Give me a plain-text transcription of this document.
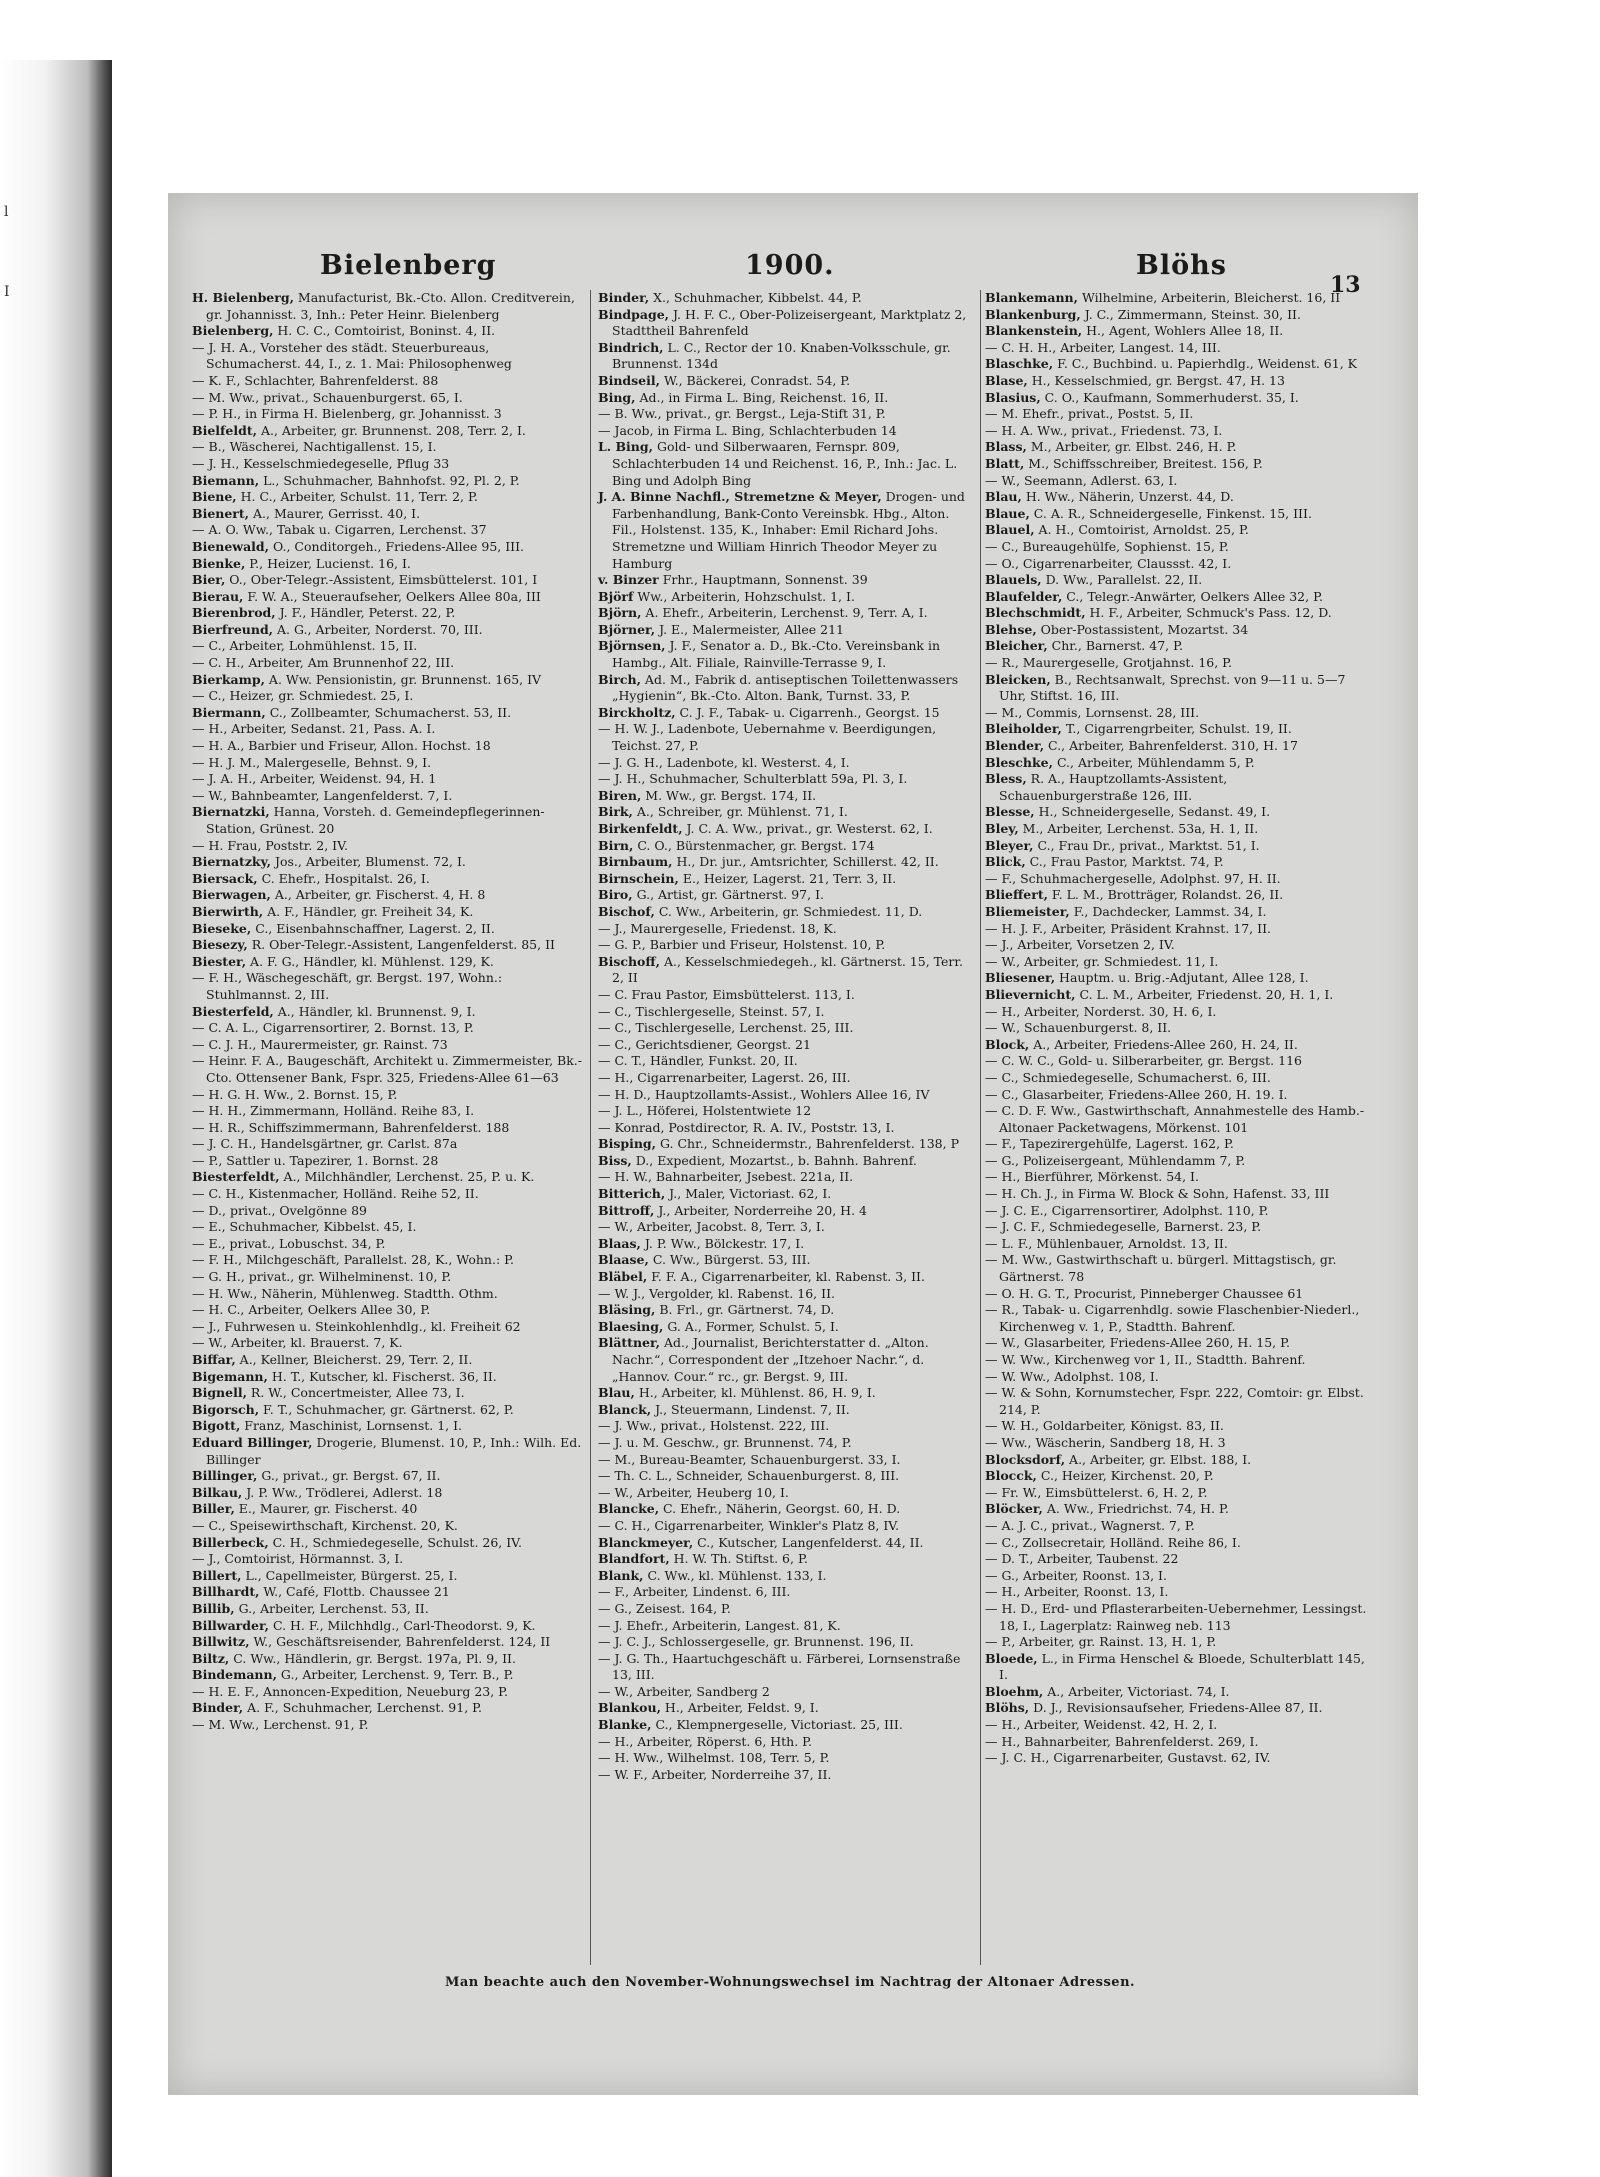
l
I
Bielenberg	1900.	Blöhs
13

H. Bielenberg, Manufacturist, Bk.-Cto. Allon. Creditverein, gr. Johannisst. 3, Inh.: Peter Heinr. Bielenberg

Bielenberg, H. C. C., Comtoirist, Boninst. 4, II.

— J. H. A., Vorsteher des städt. Steuerbureaus, Schumacherst. 44, I., z. 1. Mai: Philosophenweg

— K. F., Schlachter, Bahrenfelderst. 88

— M. Ww., privat., Schauenburgerst. 65, I.

— P. H., in Firma H. Bielenberg, gr. Johannisst. 3

Bielfeldt, A., Arbeiter, gr. Brunnenst. 208, Terr. 2, I.

— B., Wäscherei, Nachtigallenst. 15, I.

— J. H., Kesselschmiedegeselle, Pflug 33

Biemann, L., Schuhmacher, Bahnhofst. 92, Pl. 2, P.

Biene, H. C., Arbeiter, Schulst. 11, Terr. 2, P.

Bienert, A., Maurer, Gerrisst. 40, I.

— A. O. Ww., Tabak u. Cigarren, Lerchenst. 37

Bienewald, O., Conditorgeh., Friedens-Allee 95, III.

Bienke, P., Heizer, Lucienst. 16, I.

Bier, O., Ober-Telegr.-Assistent, Eimsbüttelerst. 101, I

Bierau, F. W. A., Steueraufseher, Oelkers Allee 80a, III

Bierenbrod, J. F., Händler, Peterst. 22, P.

Bierfreund, A. G., Arbeiter, Norderst. 70, III.

— C., Arbeiter, Lohmühlenst. 15, II.

— C. H., Arbeiter, Am Brunnenhof 22, III.

Bierkamp, A. Ww. Pensionistin, gr. Brunnenst. 165, IV

— C., Heizer, gr. Schmiedest. 25, I.

Biermann, C., Zollbeamter, Schumacherst. 53, II.

— H., Arbeiter, Sedanst. 21, Pass. A. I.

— H. A., Barbier und Friseur, Allon. Hochst. 18

— H. J. M., Malergeselle, Behnst. 9, I.

— J. A. H., Arbeiter, Weidenst. 94, H. 1

— W., Bahnbeamter, Langenfelderst. 7, I.

Biernatzki, Hanna, Vorsteh. d. Gemeindepflegerinnen-Station, Grünest. 20

— H. Frau, Poststr. 2, IV.

Biernatzky, Jos., Arbeiter, Blumenst. 72, I.

Biersack, C. Ehefr., Hospitalst. 26, I.

Bierwagen, A., Arbeiter, gr. Fischerst. 4, H. 8

Bierwirth, A. F., Händler, gr. Freiheit 34, K.

Bieseke, C., Eisenbahnschaffner, Lagerst. 2, II.

Biesezy, R. Ober-Telegr.-Assistent, Langenfelderst. 85, II

Biester, A. F. G., Händler, kl. Mühlenst. 129, K.

— F. H., Wäschegeschäft, gr. Bergst. 197, Wohn.: Stuhlmannst. 2, III.

Biesterfeld, A., Händler, kl. Brunnenst. 9, I.

— C. A. L., Cigarrensortirer, 2. Bornst. 13, P.

— C. J. H., Maurermeister, gr. Rainst. 73

— Heinr. F. A., Baugeschäft, Architekt u. Zimmermeister, Bk.-Cto. Ottensener Bank, Fspr. 325, Friedens-Allee 61—63

— H. G. H. Ww., 2. Bornst. 15, P.

— H. H., Zimmermann, Holländ. Reihe 83, I.

— H. R., Schiffszimmermann, Bahrenfelderst. 188

— J. C. H., Handelsgärtner, gr. Carlst. 87a

— P., Sattler u. Tapezirer, 1. Bornst. 28

Biesterfeldt, A., Milchhändler, Lerchenst. 25, P. u. K.

— C. H., Kistenmacher, Holländ. Reihe 52, II.

— D., privat., Ovelgönne 89

— E., Schuhmacher, Kibbelst. 45, I.

— E., privat., Lobuschst. 34, P.

— F. H., Milchgeschäft, Parallelst. 28, K., Wohn.: P.

— G. H., privat., gr. Wilhelminenst. 10, P.

— H. Ww., Näherin, Mühlenweg. Stadtth. Othm.

— H. C., Arbeiter, Oelkers Allee 30, P.

— J., Fuhrwesen u. Steinkohlenhdlg., kl. Freiheit 62

— W., Arbeiter, kl. Brauerst. 7, K.

Biffar, A., Kellner, Bleicherst. 29, Terr. 2, II.

Bigemann, H. T., Kutscher, kl. Fischerst. 36, II.

Bignell, R. W., Concertmeister, Allee 73, I.

Bigorsch, F. T., Schuhmacher, gr. Gärtnerst. 62, P.

Bigott, Franz, Maschinist, Lornsenst. 1, I.

Eduard Billinger, Drogerie, Blumenst. 10, P., Inh.: Wilh. Ed. Billinger

Billinger, G., privat., gr. Bergst. 67, II.

Bilkau, J. P. Ww., Trödlerei, Adlerst. 18

Biller, E., Maurer, gr. Fischerst. 40

— C., Speisewirthschaft, Kirchenst. 20, K.

Billerbeck, C. H., Schmiedegeselle, Schulst. 26, IV.

— J., Comtoirist, Hörmannst. 3, I.

Billert, L., Capellmeister, Bürgerst. 25, I.

Billhardt, W., Café, Flottb. Chaussee 21

Billib, G., Arbeiter, Lerchenst. 53, II.

Billwarder, C. H. F., Milchhdlg., Carl-Theodorst. 9, K.

Billwitz, W., Geschäftsreisender, Bahrenfelderst. 124, II

Biltz, C. Ww., Händlerin, gr. Bergst. 197a, Pl. 9, II.

Bindemann, G., Arbeiter, Lerchenst. 9, Terr. B., P.

— H. E. F., Annoncen-Expedition, Neueburg 23, P.

Binder, A. F., Schuhmacher, Lerchenst. 91, P.

— M. Ww., Lerchenst. 91, P.

Binder, X., Schuhmacher, Kibbelst. 44, P.

Bindpage, J. H. F. C., Ober-Polizeisergeant, Marktplatz 2, Stadttheil Bahrenfeld

Bindrich, L. C., Rector der 10. Knaben-Volksschule, gr. Brunnenst. 134d

Bindseil, W., Bäckerei, Conradst. 54, P.

Bing, Ad., in Firma L. Bing, Reichenst. 16, II.

— B. Ww., privat., gr. Bergst., Leja-Stift 31, P.

— Jacob, in Firma L. Bing, Schlachterbuden 14

L. Bing, Gold- und Silberwaaren, Fernspr. 809, Schlachterbuden 14 und Reichenst. 16, P., Inh.: Jac. L. Bing und Adolph Bing

J. A. Binne Nachfl., Stremetzne & Meyer, Drogen- und Farbenhandlung, Bank-Conto Vereinsbk. Hbg., Alton. Fil., Holstenst. 135, K., Inhaber: Emil Richard Johs. Stremetzne und William Hinrich Theodor Meyer zu Hamburg

v. Binzer Frhr., Hauptmann, Sonnenst. 39

Björf Ww., Arbeiterin, Hohzschulst. 1, I.

Björn, A. Ehefr., Arbeiterin, Lerchenst. 9, Terr. A, I.

Björner, J. E., Malermeister, Allee 211

Björnsen, J. F., Senator a. D., Bk.-Cto. Vereinsbank in Hambg., Alt. Filiale, Rainville-Terrasse 9, I.

Birch, Ad. M., Fabrik d. antiseptischen Toilettenwassers „Hygienin“, Bk.-Cto. Alton. Bank, Turnst. 33, P.

Birckholtz, C. J. F., Tabak- u. Cigarrenh., Georgst. 15

— H. W. J., Ladenbote, Uebernahme v. Beerdigungen, Teichst. 27, P.

— J. G. H., Ladenbote, kl. Westerst. 4, I.

— J. H., Schuhmacher, Schulterblatt 59a, Pl. 3, I.

Biren, M. Ww., gr. Bergst. 174, II.

Birk, A., Schreiber, gr. Mühlenst. 71, I.

Birkenfeldt, J. C. A. Ww., privat., gr. Westerst. 62, I.

Birn, C. O., Bürstenmacher, gr. Bergst. 174

Birnbaum, H., Dr. jur., Amtsrichter, Schillerst. 42, II.

Birnschein, E., Heizer, Lagerst. 21, Terr. 3, II.

Biro, G., Artist, gr. Gärtnerst. 97, I.

Bischof, C. Ww., Arbeiterin, gr. Schmiedest. 11, D.

— J., Maurergeselle, Friedenst. 18, K.

— G. P., Barbier und Friseur, Holstenst. 10, P.

Bischoff, A., Kesselschmiedegeh., kl. Gärtnerst. 15, Terr. 2, II

— C. Frau Pastor, Eimsbüttelerst. 113, I.

— C., Tischlergeselle, Steinst. 57, I.

— C., Tischlergeselle, Lerchenst. 25, III.

— C., Gerichtsdiener, Georgst. 21

— C. T., Händler, Funkst. 20, II.

— H., Cigarrenarbeiter, Lagerst. 26, III.

— H. D., Hauptzollamts-Assist., Wohlers Allee 16, IV

— J. L., Höferei, Holstentwiete 12

— Konrad, Postdirector, R. A. IV., Poststr. 13, I.

Bisping, G. Chr., Schneidermstr., Bahrenfelderst. 138, P

Biss, D., Expedient, Mozartst., b. Bahnh. Bahrenf.

— H. W., Bahnarbeiter, Jsebest. 221a, II.

Bitterich, J., Maler, Victoriast. 62, I.

Bittroff, J., Arbeiter, Norderreihe 20, H. 4

— W., Arbeiter, Jacobst. 8, Terr. 3, I.

Blaas, J. P. Ww., Bölckestr. 17, I.

Blaase, C. Ww., Bürgerst. 53, III.

Bläbel, F. F. A., Cigarrenarbeiter, kl. Rabenst. 3, II.

— W. J., Vergolder, kl. Rabenst. 16, II.

Bläsing, B. Frl., gr. Gärtnerst. 74, D.

Blaesing, G. A., Former, Schulst. 5, I.

Blättner, Ad., Journalist, Berichterstatter d. „Alton. Nachr.“, Correspondent der „Itzehoer Nachr.“, d. „Hannov. Cour.“ rc., gr. Bergst. 9, III.

Blau, H., Arbeiter, kl. Mühlenst. 86, H. 9, I.

Blanck, J., Steuermann, Lindenst. 7, II.

— J. Ww., privat., Holstenst. 222, III.

— J. u. M. Geschw., gr. Brunnenst. 74, P.

— M., Bureau-Beamter, Schauenburgerst. 33, I.

— Th. C. L., Schneider, Schauenburgerst. 8, III.

— W., Arbeiter, Heuberg 10, I.

Blancke, C. Ehefr., Näherin, Georgst. 60, H. D.

— C. H., Cigarrenarbeiter, Winkler's Platz 8, IV.

Blanckmeyer, C., Kutscher, Langenfelderst. 44, II.

Blandfort, H. W. Th. Stiftst. 6, P.

Blank, C. Ww., kl. Mühlenst. 133, I.

— F., Arbeiter, Lindenst. 6, III.

— G., Zeisest. 164, P.

— J. Ehefr., Arbeiterin, Langest. 81, K.

— J. C. J., Schlossergeselle, gr. Brunnenst. 196, II.

— J. G. Th., Haartuchgeschäft u. Färberei, Lornsenstraße 13, III.

— W., Arbeiter, Sandberg 2

Blankou, H., Arbeiter, Feldst. 9, I.

Blanke, C., Klempnergeselle, Victoriast. 25, III.

— H., Arbeiter, Röperst. 6, Hth. P.

— H. Ww., Wilhelmst. 108, Terr. 5, P.

— W. F., Arbeiter, Norderreihe 37, II.

Blankemann, Wilhelmine, Arbeiterin, Bleicherst. 16, II

Blankenburg, J. C., Zimmermann, Steinst. 30, II.

Blankenstein, H., Agent, Wohlers Allee 18, II.

— C. H. H., Arbeiter, Langest. 14, III.

Blaschke, F. C., Buchbind. u. Papierhdlg., Weidenst. 61, K

Blase, H., Kesselschmied, gr. Bergst. 47, H. 13

Blasius, C. O., Kaufmann, Sommerhuderst. 35, I.

— M. Ehefr., privat., Postst. 5, II.

— H. A. Ww., privat., Friedenst. 73, I.

Blass, M., Arbeiter, gr. Elbst. 246, H. P.

Blatt, M., Schiffsschreiber, Breitest. 156, P.

— W., Seemann, Adlerst. 63, I.

Blau, H. Ww., Näherin, Unzerst. 44, D.

Blaue, C. A. R., Schneidergeselle, Finkenst. 15, III.

Blauel, A. H., Comtoirist, Arnoldst. 25, P.

— C., Bureaugehülfe, Sophienst. 15, P.

— O., Cigarrenarbeiter, Claussst. 42, I.

Blauels, D. Ww., Parallelst. 22, II.

Blaufelder, C., Telegr.-Anwärter, Oelkers Allee 32, P.

Blechschmidt, H. F., Arbeiter, Schmuck's Pass. 12, D.

Blehse, Ober-Postassistent, Mozartst. 34

Bleicher, Chr., Barnerst. 47, P.

— R., Maurergeselle, Grotjahnst. 16, P.

Bleicken, B., Rechtsanwalt, Sprechst. von 9—11 u. 5—7 Uhr, Stiftst. 16, III.

— M., Commis, Lornsenst. 28, III.

Bleiholder, T., Cigarrengrbeiter, Schulst. 19, II.

Blender, C., Arbeiter, Bahrenfelderst. 310, H. 17

Bleschke, C., Arbeiter, Mühlendamm 5, P.

Bless, R. A., Hauptzollamts-Assistent, Schauenburgerstraße 126, III.

Blesse, H., Schneidergeselle, Sedanst. 49, I.

Bley, M., Arbeiter, Lerchenst. 53a, H. 1, II.

Bleyer, C., Frau Dr., privat., Marktst. 51, I.

Blick, C., Frau Pastor, Marktst. 74, P.

— F., Schuhmachergeselle, Adolphst. 97, H. II.

Blieffert, F. L. M., Brotträger, Rolandst. 26, II.

Bliemeister, F., Dachdecker, Lammst. 34, I.

— H. J. F., Arbeiter, Präsident Krahnst. 17, II.

— J., Arbeiter, Vorsetzen 2, IV.

— W., Arbeiter, gr. Schmiedest. 11, I.

Bliesener, Hauptm. u. Brig.-Adjutant, Allee 128, I.

Blievernicht, C. L. M., Arbeiter, Friedenst. 20, H. 1, I.

— H., Arbeiter, Norderst. 30, H. 6, I.

— W., Schauenburgerst. 8, II.

Block, A., Arbeiter, Friedens-Allee 260, H. 24, II.

— C. W. C., Gold- u. Silberarbeiter, gr. Bergst. 116

— C., Schmiedegeselle, Schumacherst. 6, III.

— C., Glasarbeiter, Friedens-Allee 260, H. 19. I.

— C. D. F. Ww., Gastwirthschaft, Annahmestelle des Hamb.-Altonaer Packetwagens, Mörkenst. 101

— F., Tapezirergehülfe, Lagerst. 162, P.

— G., Polizeisergeant, Mühlendamm 7, P.

— H., Bierführer, Mörkenst. 54, I.

— H. Ch. J., in Firma W. Block & Sohn, Hafenst. 33, III

— J. C. E., Cigarrensortirer, Adolphst. 110, P.

— J. C. F., Schmiedegeselle, Barnerst. 23, P.

— L. F., Mühlenbauer, Arnoldst. 13, II.

— M. Ww., Gastwirthschaft u. bürgerl. Mittagstisch, gr. Gärtnerst. 78

— O. H. G. T., Procurist, Pinneberger Chaussee 61

— R., Tabak- u. Cigarrenhdlg. sowie Flaschenbier-Niederl., Kirchenweg v. 1, P., Stadtth. Bahrenf.

— W., Glasarbeiter, Friedens-Allee 260, H. 15, P.

— W. Ww., Kirchenweg vor 1, II., Stadtth. Bahrenf.

— W. Ww., Adolphst. 108, I.

— W. & Sohn, Kornumstecher, Fspr. 222, Comtoir: gr. Elbst. 214, P.

— W. H., Goldarbeiter, Königst. 83, II.

— Ww., Wäscherin, Sandberg 18, H. 3

Blocksdorf, A., Arbeiter, gr. Elbst. 188, I.

Blocck, C., Heizer, Kirchenst. 20, P.

— Fr. W., Eimsbüttelerst. 6, H. 2, P.

Blöcker, A. Ww., Friedrichst. 74, H. P.

— A. J. C., privat., Wagnerst. 7, P.

— C., Zollsecretair, Holländ. Reihe 86, I.

— D. T., Arbeiter, Taubenst. 22

— G., Arbeiter, Roonst. 13, I.

— H., Arbeiter, Roonst. 13, I.

— H. D., Erd- und Pflasterarbeiten-Uebernehmer, Lessingst. 18, I., Lagerplatz: Rainweg neb. 113

— P., Arbeiter, gr. Rainst. 13, H. 1, P.

Bloede, L., in Firma Henschel & Bloede, Schulterblatt 145, I.

Bloehm, A., Arbeiter, Victoriast. 74, I.

Blöhs, D. J., Revisionsaufseher, Friedens-Allee 87, II.

— H., Arbeiter, Weidenst. 42, H. 2, I.

— H., Bahnarbeiter, Bahrenfelderst. 269, I.

— J. C. H., Cigarrenarbeiter, Gustavst. 62, IV.

Man beachte auch den November-Wohnungswechsel im Nachtrag der Altonaer Adressen.
